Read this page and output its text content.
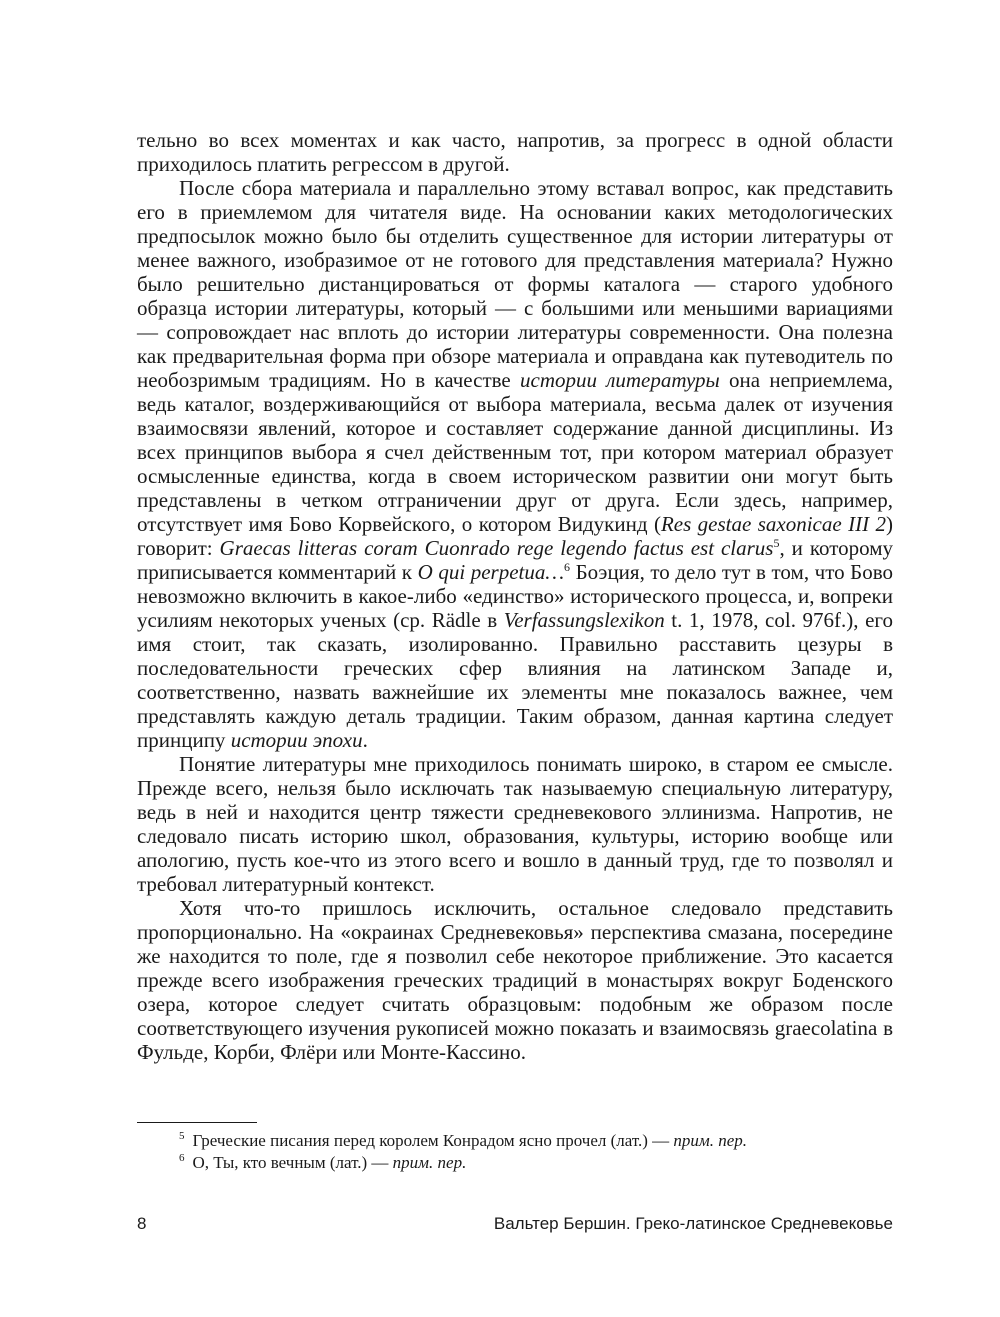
тельно во всех моментах и как часто, напротив, за прогресс в одной области приходилось платить регрессом в другой.

После сбора материала и параллельно этому вставал вопрос, как представить его в приемлемом для читателя виде. На основании каких методологических предпосылок можно было бы отделить существенное для истории литературы от менее важного, изобразимое от не готового для представления материала? Нужно было решительно дистанцироваться от формы каталога — старого удобного образца истории литературы, который — с большими или меньшими вариациями — сопровождает нас вплоть до истории литературы современности. Она полезна как предварительная форма при обзоре материала и оправдана как путеводитель по необозримым традициям. Но в качестве истории литературы она неприемлема, ведь каталог, воздерживающийся от выбора материала, весьма далек от изучения взаимосвязи явлений, которое и составляет содержание данной дисциплины. Из всех принципов выбора я счел действенным тот, при котором материал образует осмысленные единства, когда в своем историческом развитии они могут быть представлены в четком отграничении друг от друга. Если здесь, например, отсутствует имя Бово Корвейского, о котором Видукинд (Res gestae saxonicae III 2) говорит: Graecas litteras coram Cuonrado rege legendo factus est clarus$^5$, и которому приписывается комментарий к O qui perpetua…$^6$ Боэция, то дело тут в том, что Бово невозможно включить в какое-либо «единство» исторического процесса, и, вопреки усилиям некоторых ученых (ср. Rädle в Verfassungslexikon t. 1, 1978, col. 976f.), его имя стоит, так сказать, изолированно. Правильно расставить цезуры в последовательности греческих сфер влияния на латинском Западе и, соответственно, назвать важнейшие их элементы мне показалось важнее, чем представлять каждую деталь традиции. Таким образом, данная картина следует принципу истории эпохи.

Понятие литературы мне приходилось понимать широко, в старом ее смысле. Прежде всего, нельзя было исключать так называемую специальную литературу, ведь в ней и находится центр тяжести средневекового эллинизма. Напротив, не следовало писать историю школ, образования, культуры, историю вообще или апологию, пусть кое-что из этого всего и вошло в данный труд, где то позволял и требовал литературный контекст.

Хотя что-то пришлось исключить, остальное следовало представить пропорционально. На «окраинах Средневековья» перспектива смазана, посередине же находится то поле, где я позволил себе некоторое приближение. Это касается прежде всего изображения греческих традиций в монастырях вокруг Боденского озера, которое следует считать образцовым: подобным же образом после соответствующего изучения рукописей можно показать и взаимосвязь graecolatina в Фульде, Корби, Флёри или Монте-Кассино.

$^5$ Греческие писания перед королем Конрадом ясно прочел (лат.) — прим. пер.
$^6$ О, Ты, кто вечным (лат.) — прим. пер.
8	Вальтер Бершин. Греко-латинское Средневековье
